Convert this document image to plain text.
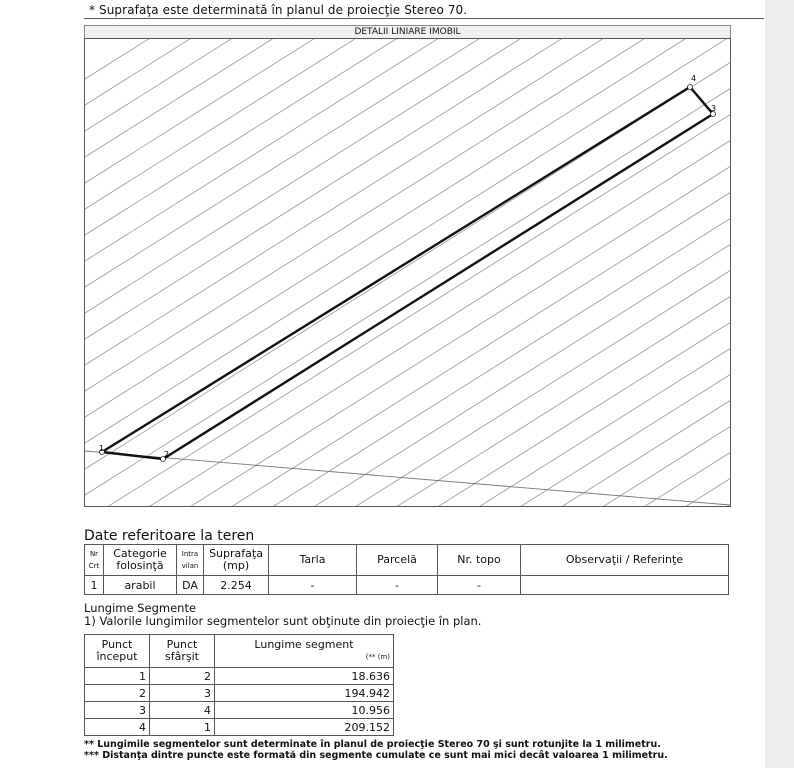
* Suprafaţa este determinată în planul de proiecţie Stereo 70.
DETALII LINIARE IMOBIL
1
2
3
4
Date referitoare la teren
Nr Crt	Categorie folosinţă	Intra vilan	Suprafaţa (mp)	Tarla	Parcelă	Nr. topo	Observaţii / Referinţe
1	arabil	DA	2.254	-	-	-	
Lungime Segmente
1) Valorile lungimilor segmentelor sunt obţinute din proiecţie în plan.
Punct început	Punct sfârşit	Lungime segment
(** (m)

1	2	18.636
2	3	194.942
3	4	10.956
4	1	209.152
** Lungimile segmentelor sunt determinate în planul de proiecţie Stereo 70 şi sunt rotunjite la 1 milimetru.
*** Distanţa dintre puncte este formată din segmente cumulate ce sunt mai mici decât valoarea 1 milimetru.
